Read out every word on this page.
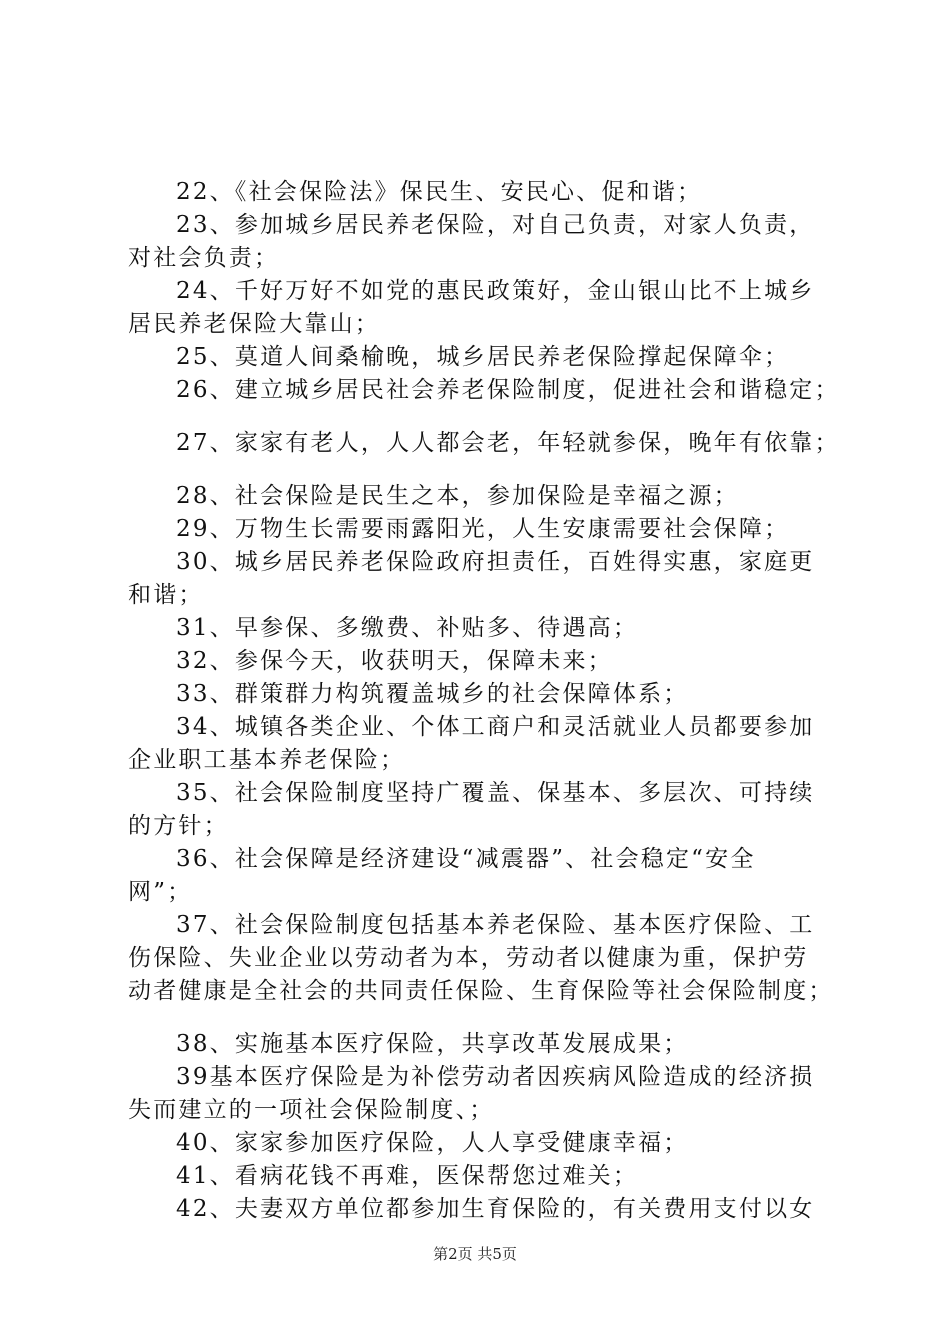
22、《社会保险法》保民生、安民心、促和谐；
23、参加城乡居民养老保险，对自己负责，对家人负责，
对社会负责；
24、千好万好不如党的惠民政策好，金山银山比不上城乡
居民养老保险大靠山；
25、莫道人间桑榆晚，城乡居民养老保险撑起保障伞；
26、建立城乡居民社会养老保险制度，促进社会和谐稳定；
27、家家有老人，人人都会老，年轻就参保，晚年有依靠；
28、社会保险是民生之本，参加保险是幸福之源；
29、万物生长需要雨露阳光，人生安康需要社会保障；
30、城乡居民养老保险政府担责任，百姓得实惠，家庭更
和谐；
31、早参保、多缴费、补贴多、待遇高；
32、参保今天，收获明天，保障未来；
33、群策群力构筑覆盖城乡的社会保障体系；
34、城镇各类企业、个体工商户和灵活就业人员都要参加
企业职工基本养老保险；
35、社会保险制度坚持广覆盖、保基本、多层次、可持续
的方针；
36、社会保障是经济建设“减震器”、社会稳定“安全
网”；
37、社会保险制度包括基本养老保险、基本医疗保险、工
伤保险、失业企业以劳动者为本，劳动者以健康为重，保护劳
动者健康是全社会的共同责任保险、生育保险等社会保险制度；
38、实施基本医疗保险，共享改革发展成果；
39基本医疗保险是为补偿劳动者因疾病风险造成的经济损
失而建立的一项社会保险制度、；
40、家家参加医疗保险，人人享受健康幸福；
41、看病花钱不再难，医保帮您过难关；
42、夫妻双方单位都参加生育保险的，有关费用支付以女
第2页 共5页
